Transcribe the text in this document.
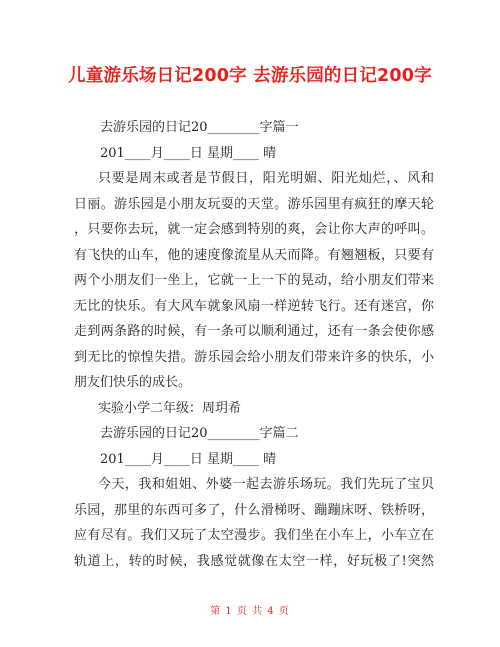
儿童游乐场日记200字 去游乐园的日记200字
去游乐园的日记20________字篇一
201____月____日 星期____ 晴
只要是周末或者是节假日，阳光明媚、阳光灿烂，、风和
日丽。游乐园是小朋友玩耍的天堂。游乐园里有疯狂的摩天轮
，只要你去玩，就一定会感到特别的爽，会让你大声的呼叫。
有飞快的山车，他的速度像流星从天而降。有翘翘板，只要有
两个小朋友们一坐上，它就一上一下的晃动，给小朋友们带来
无比的快乐。有大风车就象风扇一样逆转飞行。还有迷宫，你
走到两条路的时候，有一条可以顺利通过，还有一条会使你感
到无比的惊惶失措。游乐园会给小朋友们带来许多的快乐，小
朋友们快乐的成长。
实验小学二年级：周玥希
去游乐园的日记20________字篇二
201____月____日 星期____ 晴
今天，我和姐姐、外婆一起去游乐场玩。我们先玩了宝贝
乐园，那里的东西可多了，什么滑梯呀、蹦蹦床呀、铁桥呀，
应有尽有。我们又玩了太空漫步。我们坐在小车上，小车立在
轨道上，转的时候，我感觉就像在太空一样，好玩极了!突然
第 1 页 共 4 页
